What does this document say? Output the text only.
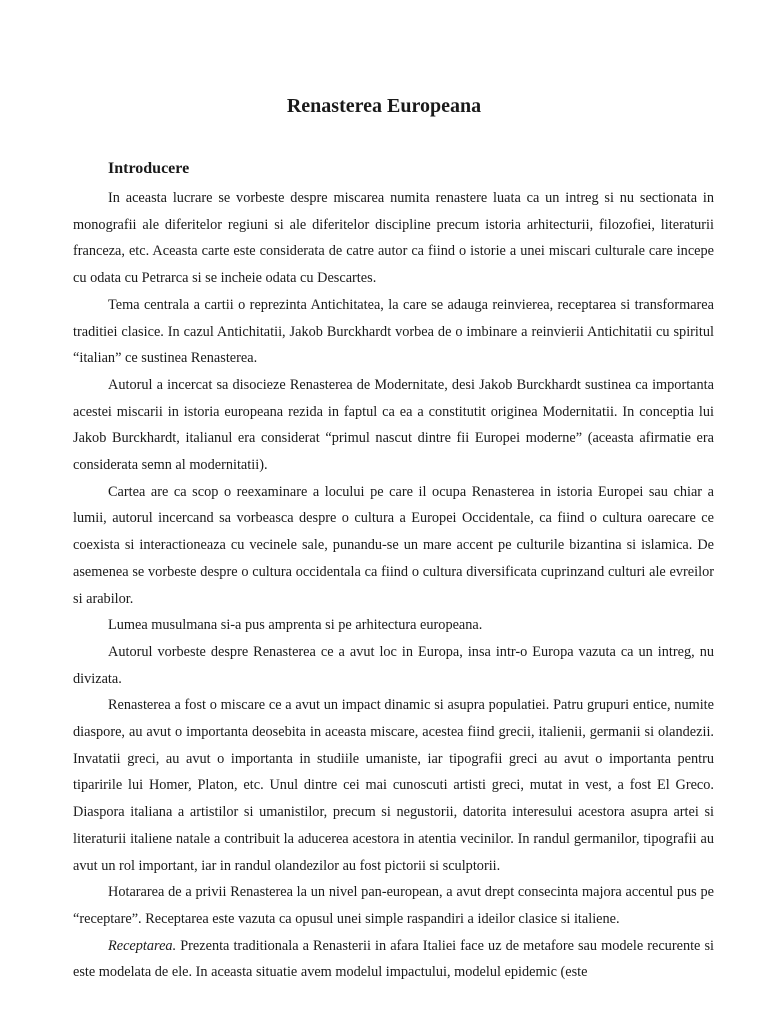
Renasterea Europeana
Introducere

In aceasta lucrare se vorbeste despre miscarea numita renastere luata ca un intreg si nu sectionata in monografii ale diferitelor regiuni si ale diferitelor discipline precum istoria arhitecturii, filozofiei, literaturii franceza, etc. Aceasta carte este considerata de catre autor ca fiind o istorie a unei miscari culturale care incepe cu odata cu Petrarca si se incheie odata cu Descartes.

Tema centrala a cartii o reprezinta Antichitatea, la care se adauga reinvierea, receptarea si transformarea traditiei clasice. In cazul Antichitatii, Jakob Burckhardt vorbea de o imbinare a reinvierii Antichitatii cu spiritul “italian” ce sustinea Renasterea.

Autorul a incercat sa disocieze Renasterea de Modernitate, desi Jakob Burckhardt sustinea ca importanta acestei miscarii in istoria europeana rezida in faptul ca ea a constitutit originea Modernitatii. In conceptia lui Jakob Burckhardt, italianul era considerat “primul nascut dintre fii Europei moderne” (aceasta afirmatie era considerata semn al modernitatii).

Cartea are ca scop o reexaminare a locului pe care il ocupa Renasterea in istoria Europei sau chiar a lumii, autorul incercand sa vorbeasca despre o cultura a Europei Occidentale, ca fiind o cultura oarecare ce coexista si interactioneaza cu vecinele sale, punandu-se un mare accent pe culturile bizantina si islamica. De asemenea se vorbeste despre o cultura occidentala ca fiind o cultura diversificata cuprinzand culturi ale evreilor si arabilor.

Lumea musulmana si-a pus amprenta si pe arhitectura europeana.

Autorul vorbeste despre Renasterea ce a avut loc in Europa, insa intr-o Europa vazuta ca un intreg, nu divizata.

Renasterea a fost o miscare ce a avut un impact dinamic si asupra populatiei. Patru grupuri entice, numite diaspore, au avut o importanta deosebita in aceasta miscare, acestea fiind grecii, italienii, germanii si olandezii. Invatatii greci, au avut o importanta in studiile umaniste, iar tipografii greci au avut o importanta pentru tiparirile lui Homer, Platon, etc. Unul dintre cei mai cunoscuti artisti greci, mutat in vest, a fost El Greco. Diaspora italiana a artistilor si umanistilor, precum si negustorii, datorita interesului acestora asupra artei si literaturii italiene natale a contribuit la aducerea acestora in atentia vecinilor. In randul germanilor, tipografii au avut un rol important, iar in randul olandezilor au fost pictorii si sculptorii.

Hotararea de a privii Renasterea la un nivel pan-european, a avut drept consecinta majora accentul pus pe “receptare”. Receptarea este vazuta ca opusul unei simple raspandiri a ideilor clasice si italiene.

Receptarea. Prezenta traditionala a Renasterii in afara Italiei face uz de metafore sau modele recurente si este modelata de ele. In aceasta situatie avem modelul impactului, modelul epidemic (este
